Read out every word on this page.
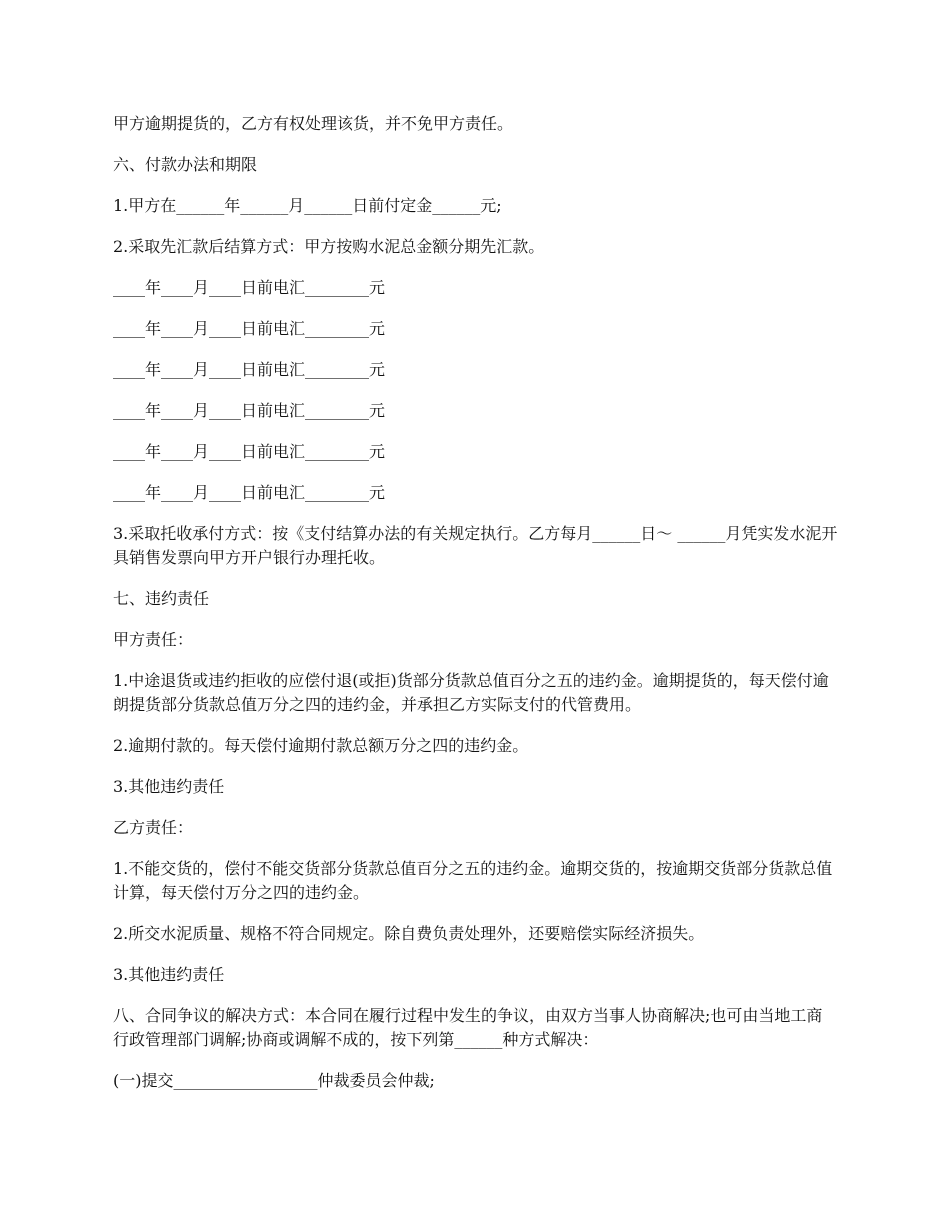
甲方逾期提货的，乙方有权处理该货，并不免甲方责任。

六、付款办法和期限

1.甲方在______年______月______日前付定金______元;

2.采取先汇款后结算方式：甲方按购水泥总金额分期先汇款。

____年____月____日前电汇________元

____年____月____日前电汇________元

____年____月____日前电汇________元

____年____月____日前电汇________元

____年____月____日前电汇________元

____年____月____日前电汇________元

3.采取托收承付方式：按《支付结算办法的有关规定执行。乙方每月______日～ ______月凭实发水泥开具销售发票向甲方开户银行办理托收。

七、违约责任

甲方责任：

1.中途退货或违约拒收的应偿付退(或拒)货部分货款总值百分之五的违约金。逾期提货的，每天偿付逾朗提货部分货款总值万分之四的违约金，并承担乙方实际支付的代管费用。

2.逾期付款的。每天偿付逾期付款总额万分之四的违约金。

3.其他违约责任

乙方责任：

1.不能交货的，偿付不能交货部分货款总值百分之五的违约金。逾期交货的，按逾期交货部分货款总值计算，每天偿付万分之四的违约金。

2.所交水泥质量、规格不符合同规定。除自费负责处理外，还要赔偿实际经济损失。

3.其他违约责任

八、合同争议的解决方式：本合同在履行过程中发生的争议，由双方当事人协商解决;也可由当地工商行政管理部门调解;协商或调解不成的，按下列第______种方式解决：

(一)提交__________________仲裁委员会仲裁;
